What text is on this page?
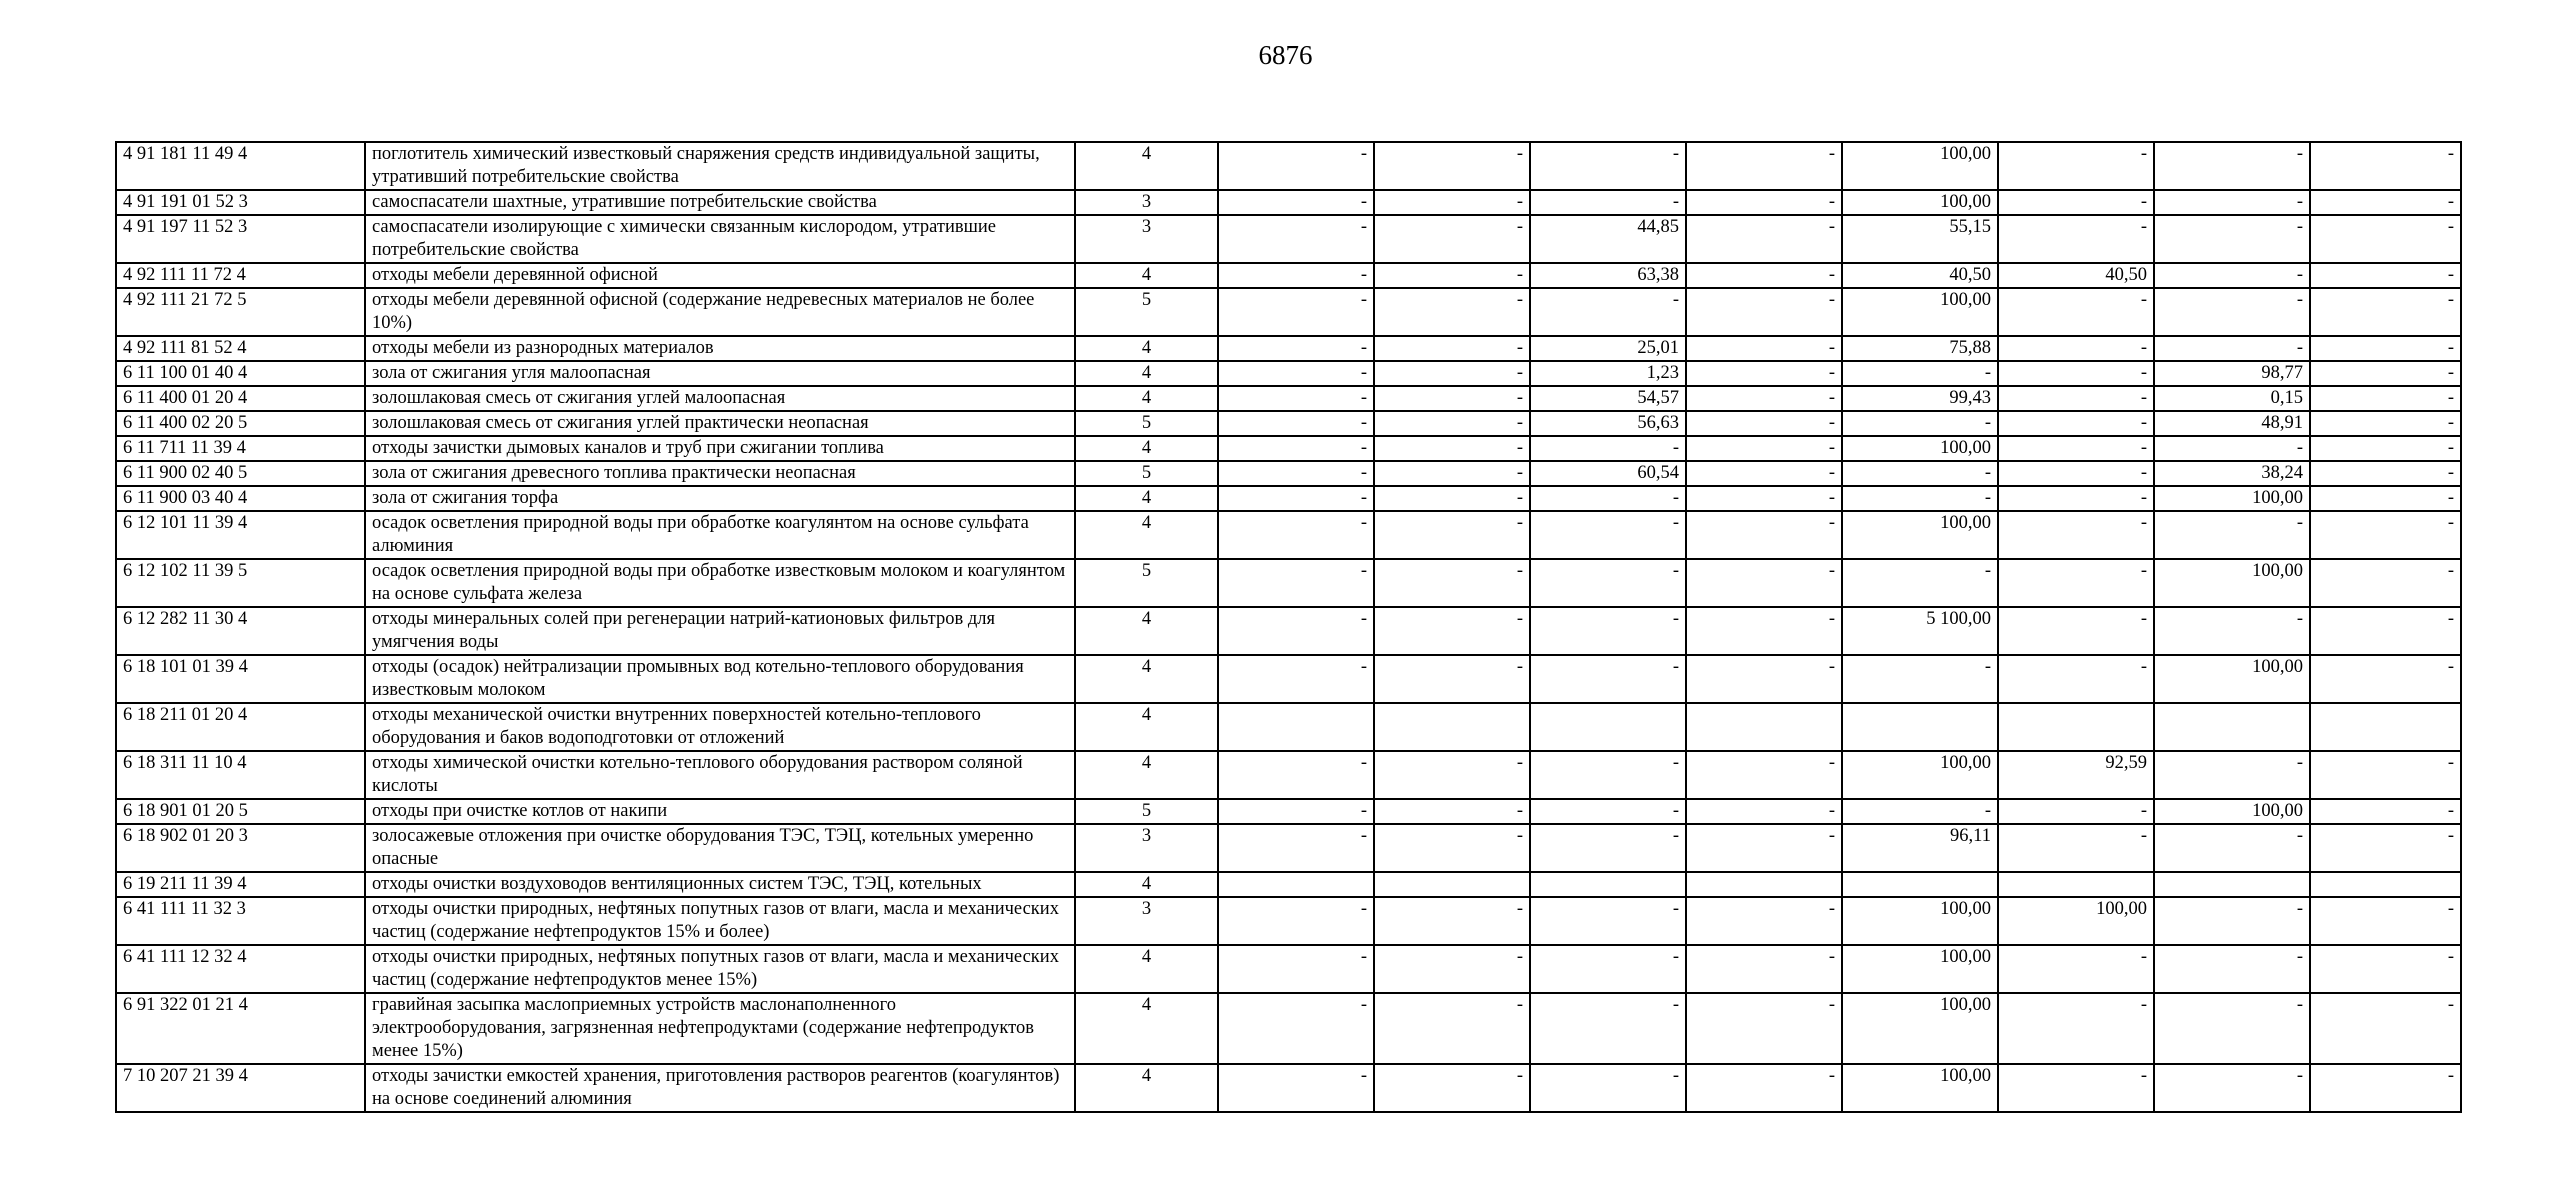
6876
4 91 181 11 49 4	поглотитель химический известковый снаряжения средств индивидуальной защиты, утративший потребительские свойства	4	-	-	-	-	100,00	-	-	-
4 91 191 01 52 3	самоспасатели шахтные, утратившие потребительские свойства	3	-	-	-	-	100,00	-	-	-
4 91 197 11 52 3	самоспасатели изолирующие с химически связанным кислородом, утратившие потребительские свойства	3	-	-	44,85	-	55,15	-	-	-
4 92 111 11 72 4	отходы мебели деревянной офисной	4	-	-	63,38	-	40,50	40,50	-	-
4 92 111 21 72 5	отходы мебели деревянной офисной (содержание недревесных материалов не более 10%)	5	-	-	-	-	100,00	-	-	-
4 92 111 81 52 4	отходы мебели из разнородных материалов	4	-	-	25,01	-	75,88	-	-	-
6 11 100 01 40 4	зола от сжигания угля малоопасная	4	-	-	1,23	-	-	-	98,77	-
6 11 400 01 20 4	золошлаковая смесь от сжигания углей малоопасная	4	-	-	54,57	-	99,43	-	0,15	-
6 11 400 02 20 5	золошлаковая смесь от сжигания углей практически неопасная	5	-	-	56,63	-	-	-	48,91	-
6 11 711 11 39 4	отходы зачистки дымовых каналов и труб при сжигании топлива	4	-	-	-	-	100,00	-	-	-
6 11 900 02 40 5	зола от сжигания древесного топлива практически неопасная	5	-	-	60,54	-	-	-	38,24	-
6 11 900 03 40 4	зола от сжигания торфа	4	-	-	-	-	-	-	100,00	-
6 12 101 11 39 4	осадок осветления природной воды при обработке коагулянтом на основе сульфата алюминия	4	-	-	-	-	100,00	-	-	-
6 12 102 11 39 5	осадок осветления природной воды при обработке известковым молоком и коагулянтом на основе сульфата железа	5	-	-	-	-	-	-	100,00	-
6 12 282 11 30 4	отходы минеральных солей при регенерации натрий-катионовых фильтров для умягчения воды	4	-	-	-	-	5 100,00	-	-	-
6 18 101 01 39 4	отходы (осадок) нейтрализации промывных вод котельно-теплового оборудования известковым молоком	4	-	-	-	-	-	-	100,00	-
6 18 211 01 20 4	отходы механической очистки внутренних поверхностей котельно-теплового оборудования и баков водоподготовки от отложений	4								
6 18 311 11 10 4	отходы химической очистки котельно-теплового оборудования раствором соляной кислоты	4	-	-	-	-	100,00	92,59	-	-
6 18 901 01 20 5	отходы при очистке котлов от накипи	5	-	-	-	-	-	-	100,00	-
6 18 902 01 20 3	золосажевые отложения при очистке оборудования ТЭС, ТЭЦ, котельных умеренно опасные	3	-	-	-	-	96,11	-	-	-
6 19 211 11 39 4	отходы очистки воздуховодов вентиляционных систем ТЭС, ТЭЦ, котельных	4								
6 41 111 11 32 3	отходы очистки природных, нефтяных попутных газов от влаги, масла и механических частиц (содержание нефтепродуктов 15% и более)	3	-	-	-	-	100,00	100,00	-	-
6 41 111 12 32 4	отходы очистки природных, нефтяных попутных газов от влаги, масла и механических частиц (содержание нефтепродуктов менее 15%)	4	-	-	-	-	100,00	-	-	-
6 91 322 01 21 4	гравийная засыпка маслоприемных устройств маслонаполненного электрооборудования, загрязненная нефтепродуктами (содержание нефтепродуктов менее 15%)	4	-	-	-	-	100,00	-	-	-
7 10 207 21 39 4	отходы зачистки емкостей хранения, приготовления растворов реагентов (коагулянтов) на основе соединений алюминия	4	-	-	-	-	100,00	-	-	-
